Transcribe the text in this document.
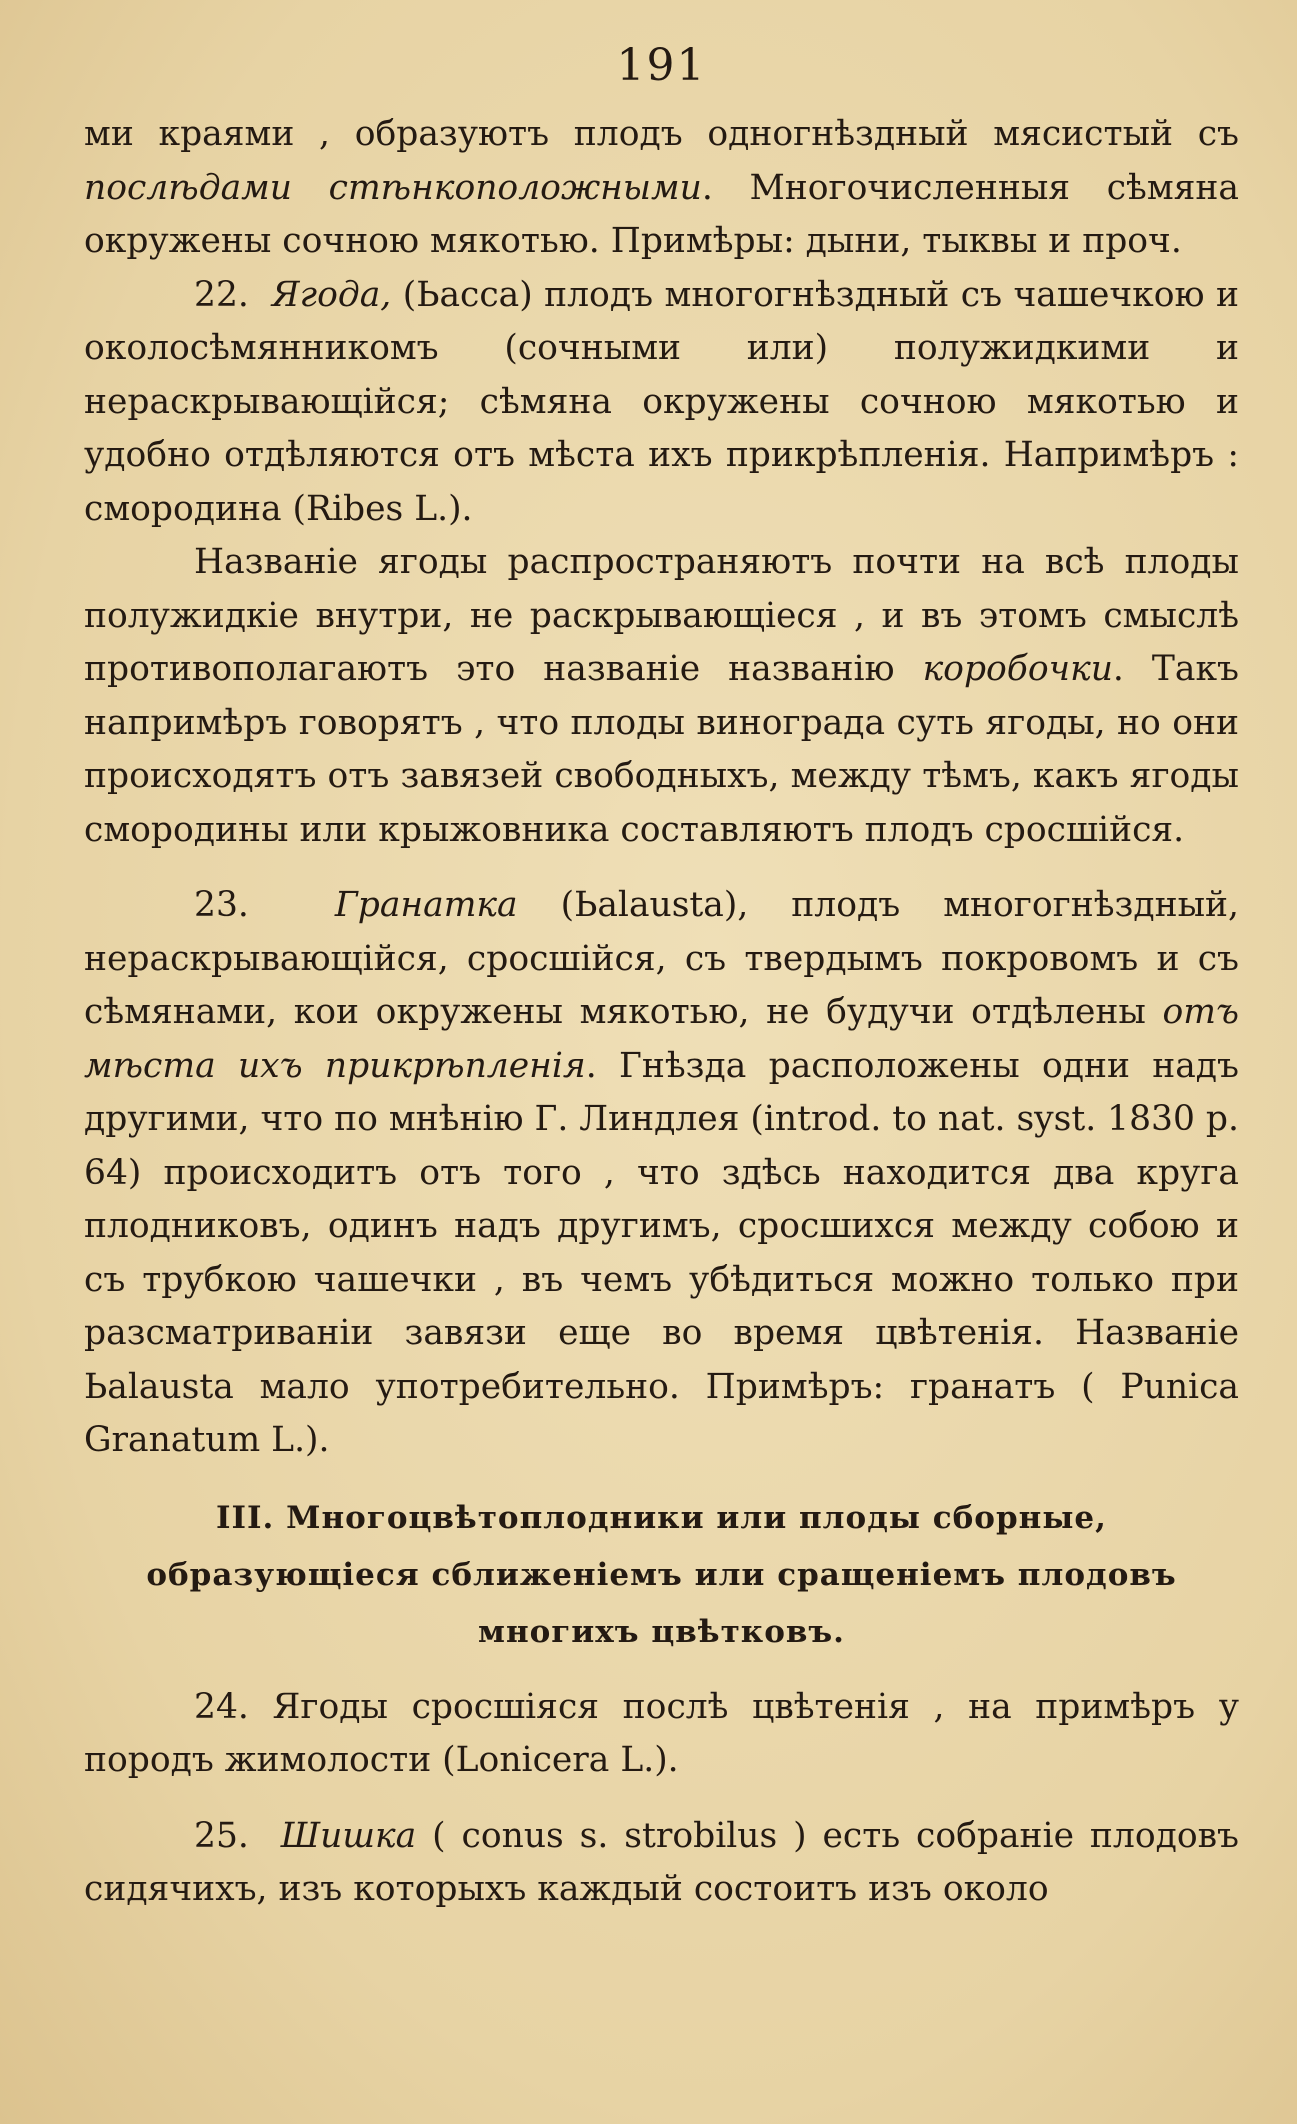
191

ми краями , образуютъ плодъ одногнѣздный мясистый съ послѣдами стѣнкоположными. Многочисленныя сѣмяна окружены сочною мякотью. Примѣры: дыни, тыквы и проч.

22. Ягода, (Ьacca) плодъ многогнѣздный съ чашечкою и околосѣмянникомъ (сочными или) полужидкими и нераскрывающійся; сѣмяна окружены сочною мякотью и удобно отдѣляются отъ мѣста ихъ прикрѣпленія. Напримѣръ : смородина (Ribes L.).

Названіе ягоды распространяютъ почти на всѣ плоды полужидкіе внутри, не раскрывающіеся , и въ этомъ смыслѣ противополагаютъ это названіе названію коробочки. Такъ напримѣръ говорятъ , что плоды винограда суть ягоды, но они происходятъ отъ завязей свободныхъ, между тѣмъ, какъ ягоды смородины или крыжовника составляютъ плодъ сросшійся.

23. Гранатка (Ьalausta), плодъ многогнѣздный, нераскрывающійся, сросшійся, съ твердымъ покровомъ и съ сѣмянами, кои окружены мякотью, не будучи отдѣлены отъ мѣста ихъ прикрѣпленія. Гнѣзда расположены одни надъ другими, что по мнѣнію Г. Линдлея (introd. to nat. syst. 1830 p. 64) происходитъ отъ того , что здѣсь находится два круга плодниковъ, одинъ надъ другимъ, сросшихся между собою и съ трубкою чашечки , въ чемъ убѣдиться можно только при разсматриваніи завязи еще во время цвѣтенія. Названіе Ьalausta мало употребительно. Примѣръ: гранатъ ( Punica Granatum L.).

III. Многоцвѣтоплодники или плоды сборные, образующіеся сближеніемъ или сращеніемъ плодовъ многихъ цвѣтковъ.

24. Ягоды сросшіяся послѣ цвѣтенія , на примѣръ у породъ жимолости (Lonicera L.).

25. Шишка ( conus s. strobilus ) есть собраніе плодовъ сидячихъ, изъ которыхъ каждый состоитъ изъ около
